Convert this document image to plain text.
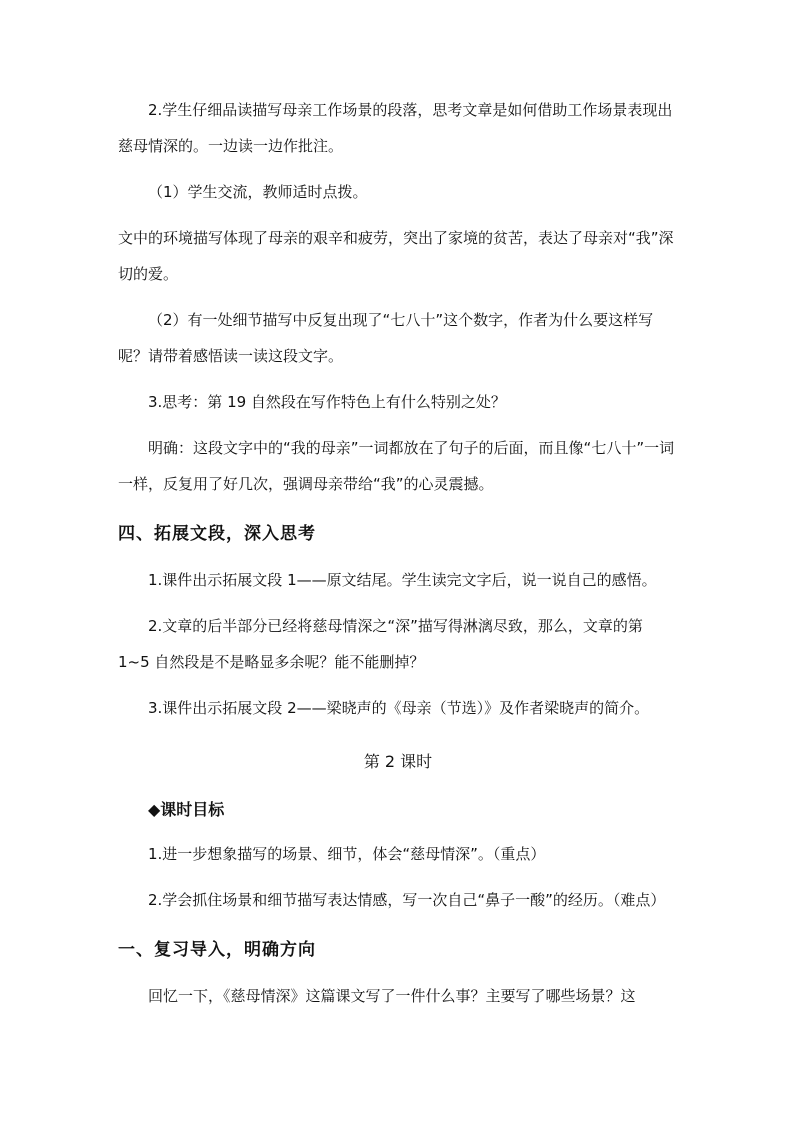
2.学生仔细品读描写母亲工作场景的段落，思考文章是如何借助工作场景表现出慈母情深的。一边读一边作批注。

（1）学生交流，教师适时点拨。

文中的环境描写体现了母亲的艰辛和疲劳，突出了家境的贫苦，表达了母亲对“我”深切的爱。

（2）有一处细节描写中反复出现了“七八十”这个数字，作者为什么要这样写呢？请带着感悟读一读这段文字。

3.思考：第 19 自然段在写作特色上有什么特别之处？

明确：这段文字中的“我的母亲”一词都放在了句子的后面，而且像“七八十”一词一样，反复用了好几次，强调母亲带给“我”的心灵震撼。

四、拓展文段，深入思考

1.课件出示拓展文段 1——原文结尾。学生读完文字后，说一说自己的感悟。

2.文章的后半部分已经将慈母情深之“深”描写得淋漓尽致，那么，文章的第 1~5 自然段是不是略显多余呢？能不能删掉？

3.课件出示拓展文段 2——梁晓声的《母亲（节选）》及作者梁晓声的简介。

第 2 课时

◆课时目标

1.进一步想象描写的场景、细节，体会“慈母情深”。（重点）

2.学会抓住场景和细节描写表达情感，写一次自己“鼻子一酸”的经历。（难点）

一、复习导入，明确方向

回忆一下，《慈母情深》这篇课文写了一件什么事？主要写了哪些场景？这
